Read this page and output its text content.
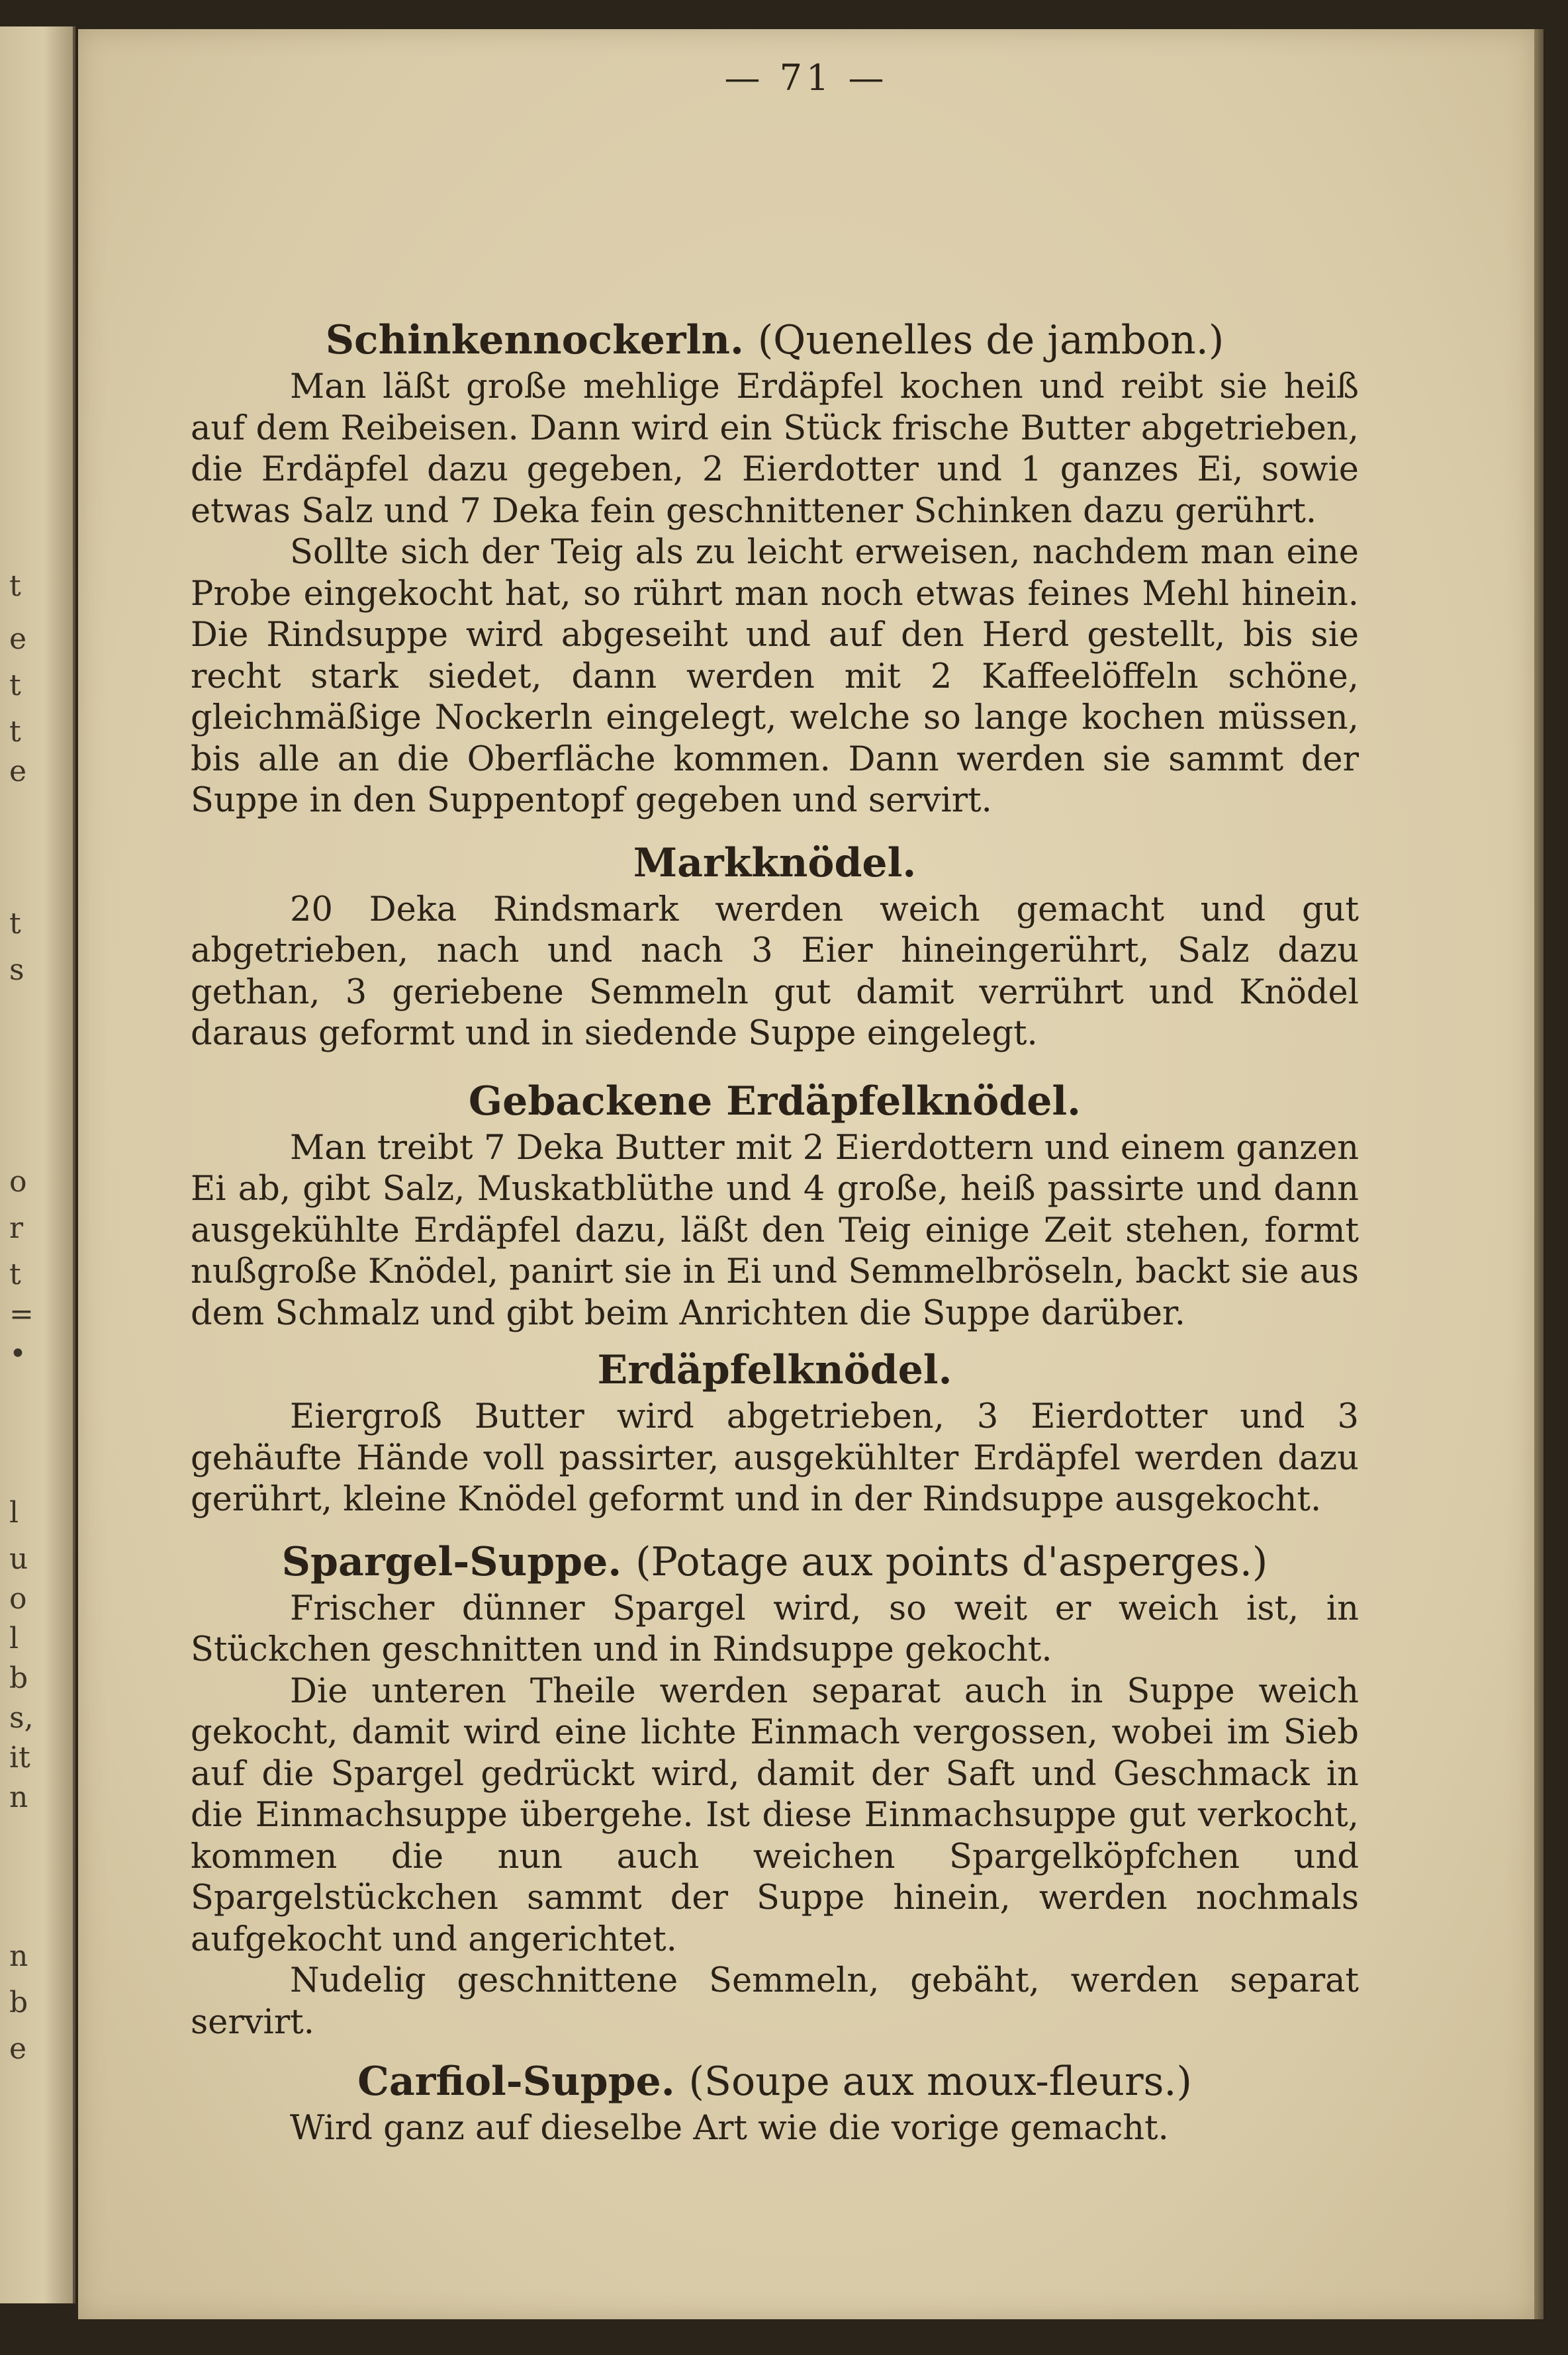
t
e
t
t
e
t
s
o
r
t
=
•
l
u
o
l
b
s,
it
n
n
b
e
— 71 —
Schinkennockerln. (Quenelles de jambon.)

Man läßt große mehlige Erdäpfel kochen und reibt sie heiß auf dem Reibeisen. Dann wird ein Stück frische Butter abgetrieben, die Erdäpfel dazu gegeben, 2 Eierdotter und 1 ganzes Ei, sowie etwas Salz und 7 Deka fein geschnittener Schinken dazu gerührt.

Sollte sich der Teig als zu leicht erweisen, nachdem man eine Probe eingekocht hat, so rührt man noch etwas feines Mehl hinein. Die Rindsuppe wird abgeseiht und auf den Herd gestellt, bis sie recht stark siedet, dann werden mit 2 Kaffeelöffeln schöne, gleichmäßige Nockerln eingelegt, welche so lange kochen müssen, bis alle an die Oberfläche kommen. Dann werden sie sammt der Suppe in den Suppentopf gegeben und servirt.

Markknödel.

20 Deka Rindsmark werden weich gemacht und gut abgetrieben, nach und nach 3 Eier hineingerührt, Salz dazu gethan, 3 geriebene Semmeln gut damit verrührt und Knödel daraus geformt und in siedende Suppe eingelegt.

Gebackene Erdäpfelknödel.

Man treibt 7 Deka Butter mit 2 Eierdottern und einem ganzen Ei ab, gibt Salz, Muskatblüthe und 4 große, heiß passirte und dann ausgekühlte Erdäpfel dazu, läßt den Teig einige Zeit stehen, formt nußgroße Knödel, panirt sie in Ei und Semmelbröseln, backt sie aus dem Schmalz und gibt beim Anrichten die Suppe darüber.

Erdäpfelknödel.

Eiergroß Butter wird abgetrieben, 3 Eierdotter und 3 gehäufte Hände voll passirter, ausgekühlter Erdäpfel werden dazu gerührt, kleine Knödel geformt und in der Rindsuppe ausgekocht.

Spargel-Suppe. (Potage aux points d'asperges.)

Frischer dünner Spargel wird, so weit er weich ist, in Stückchen geschnitten und in Rindsuppe gekocht.

Die unteren Theile werden separat auch in Suppe weich gekocht, damit wird eine lichte Einmach vergossen, wobei im Sieb auf die Spargel gedrückt wird, damit der Saft und Geschmack in die Einmachsuppe übergehe. Ist diese Einmachsuppe gut verkocht, kommen die nun auch weichen Spargelköpfchen und Spargelstückchen sammt der Suppe hinein, werden nochmals aufgekocht und angerichtet.

Nudelig geschnittene Semmeln, gebäht, werden separat servirt.

Carfiol-Suppe. (Soupe aux moux-fleurs.)

Wird ganz auf dieselbe Art wie die vorige gemacht.
